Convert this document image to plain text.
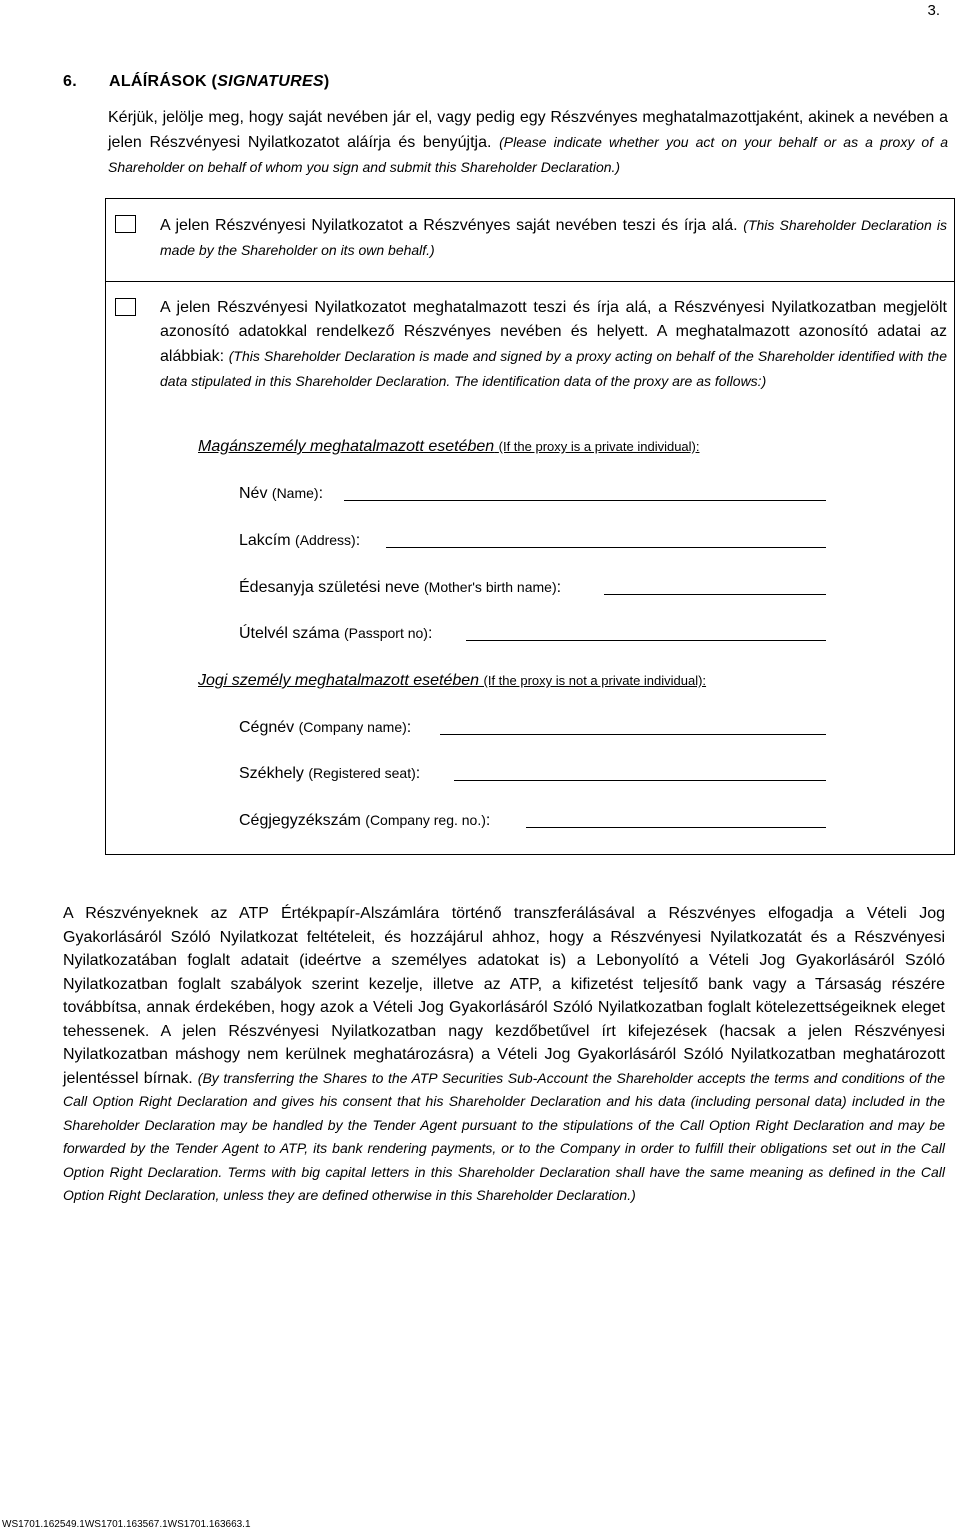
3.
6. ALÁÍRÁSOK (SIGNATURES)
Kérjük, jelölje meg, hogy saját nevében jár el, vagy pedig egy Részvényes meghatalmazottjaként, akinek a nevében a jelen Részvényesi Nyilatkozatot aláírja és benyújtja. (Please indicate whether you act on your behalf or as a proxy of a Shareholder on behalf of whom you sign and submit this Shareholder Declaration.)
A jelen Részvényesi Nyilatkozatot a Részvényes saját nevében teszi és írja alá. (This Shareholder Declaration is made by the Shareholder on its own behalf.)
A jelen Részvényesi Nyilatkozatot meghatalmazott teszi és írja alá, a Részvényesi Nyilatkozatban megjelölt azonosító adatokkal rendelkező Részvényes nevében és helyett. A meghatalmazott azonosító adatai az alábbiak: (This Shareholder Declaration is made and signed by a proxy acting on behalf of the Shareholder identified with the data stipulated in this Shareholder Declaration. The identification data of the proxy are as follows:)
Magánszemély meghatalmazott esetében (If the proxy is a private individual):
Név (Name):
Lakcím (Address):
Édesanyja születési neve (Mother's birth name):
Útelvél száma (Passport no):
Jogi személy meghatalmazott esetében (If the proxy is not a private individual):
Cégnév (Company name):
Székhely (Registered seat):
Cégjegyzékszám (Company reg. no.):
A Részvényeknek az ATP Értékpapír-Alszámlára történő transzferálásával a Részvényes elfogadja a Vételi Jog Gyakorlásáról Szóló Nyilatkozat feltételeit, és hozzájárul ahhoz, hogy a Részvényesi Nyilatkozatát és a Részvényesi Nyilatkozatában foglalt adatait (ideértve a személyes adatokat is) a Lebonyolító a Vételi Jog Gyakorlásáról Szóló Nyilatkozatban foglalt szabályok szerint kezelje, illetve az ATP, a kifizetést teljesítő bank vagy a Társaság részére továbbítsa, annak érdekében, hogy azok a Vételi Jog Gyakorlásáról Szóló Nyilatkozatban foglalt kötelezettségeiknek eleget tehessenek. A jelen Részvényesi Nyilatkozatban nagy kezdőbetűvel írt kifejezések (hacsak a jelen Részvényesi Nyilatkozatban máshogy nem kerülnek meghatározásra) a Vételi Jog Gyakorlásáról Szóló Nyilatkozatban meghatározott jelentéssel bírnak. (By transferring the Shares to the ATP Securities Sub-Account the Shareholder accepts the terms and conditions of the Call Option Right Declaration and gives his consent that his Shareholder Declaration and his data (including personal data) included in the Shareholder Declaration may be handled by the Tender Agent pursuant to the stipulations of the Call Option Right Declaration and may be forwarded by the Tender Agent to ATP, its bank rendering payments, or to the Company in order to fulfill their obligations set out in the Call Option Right Declaration. Terms with big capital letters in this Shareholder Declaration shall have the same meaning as defined in the Call Option Right Declaration, unless they are defined otherwise in this Shareholder Declaration.)
WS1701.162549.1WS1701.163567.1WS1701.163663.1
